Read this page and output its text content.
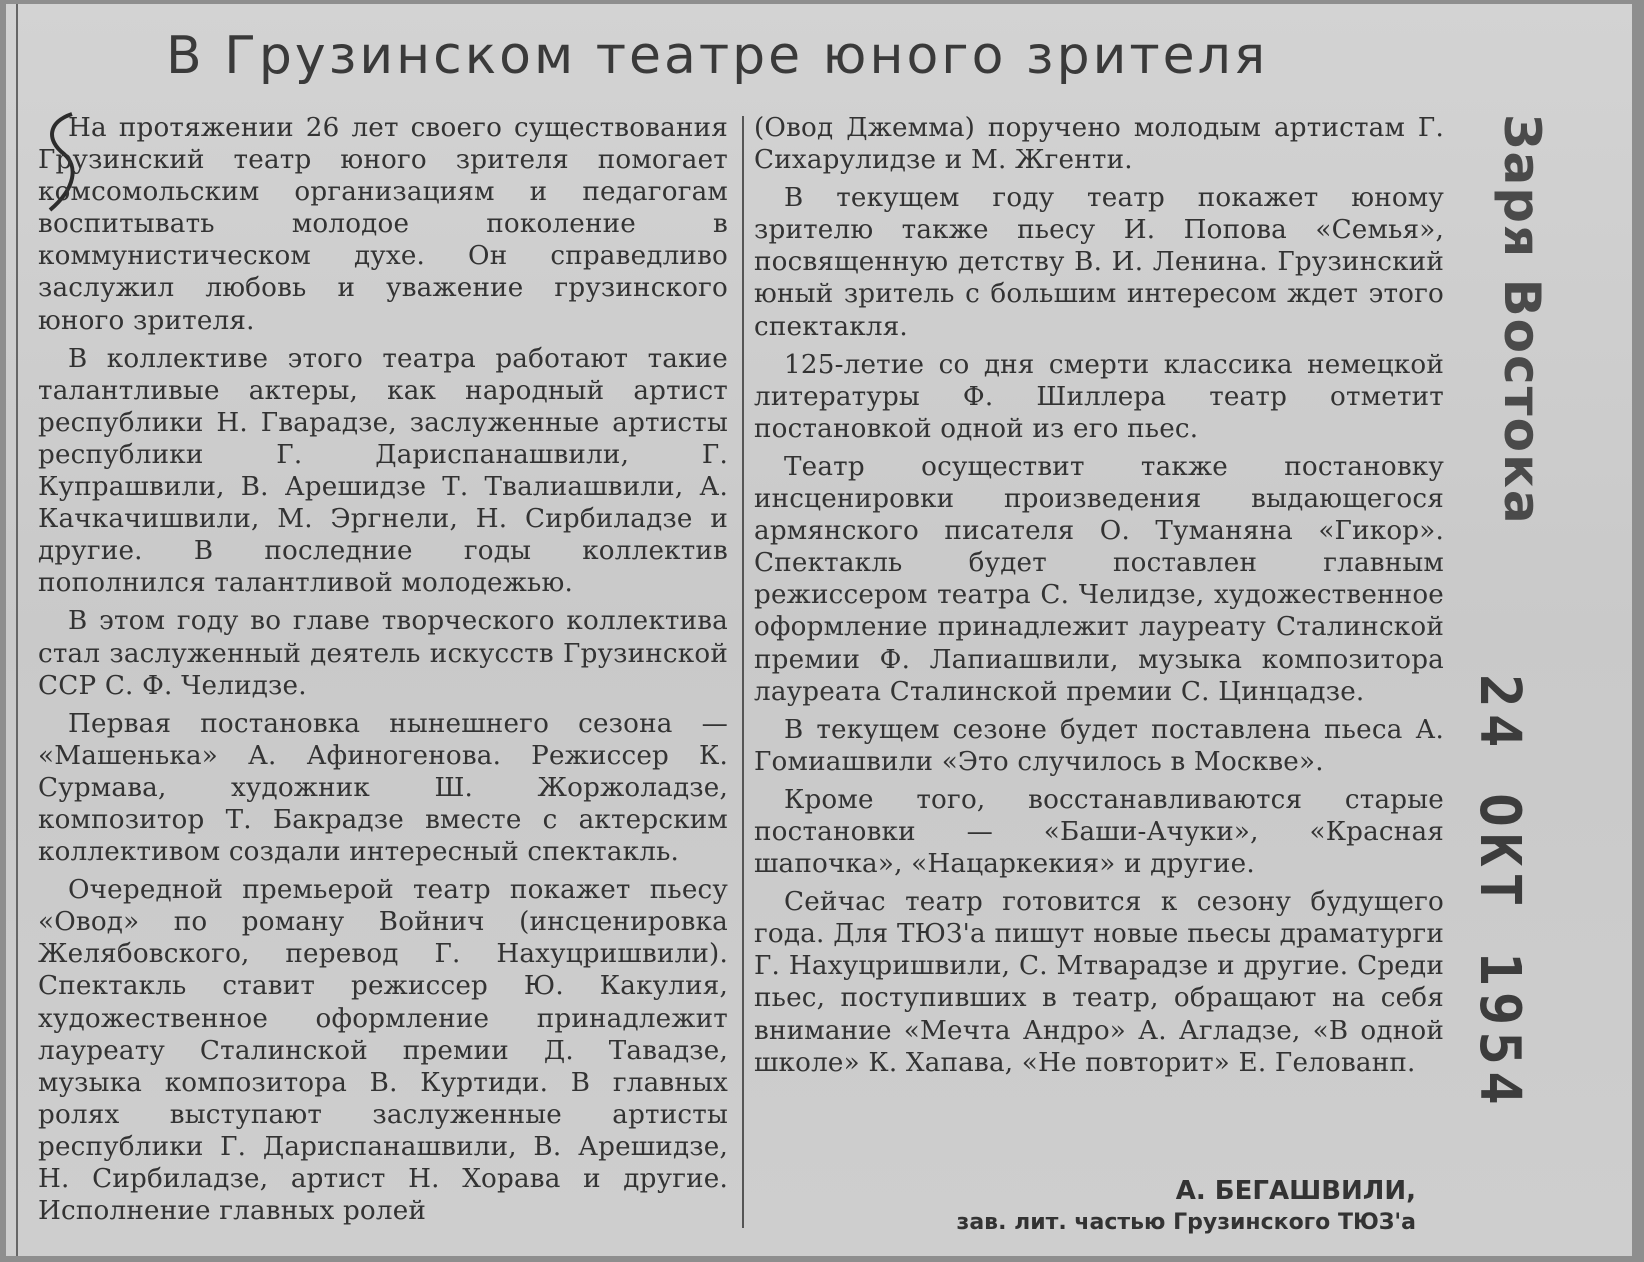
В Грузинском театре юного зрителя

На протяжении 26 лет своего существования Грузинский театр юного зрителя помогает комсомольским организациям и педагогам воспитывать молодое поколение в коммунистическом духе. Он справедливо заслужил любовь и уважение грузинского юного зрителя.

В коллективе этого театра работают такие талантливые актеры, как народный артист республики Н. Гварадзе, заслуженные артисты республики Г. Дариспанашвили, Г. Купрашвили, В. Арешидзе Т. Твалиашвили, А. Качкачишвили, М. Эргнели, Н. Сирбиладзе и другие. В последние годы коллектив пополнился талантливой молодежью.

В этом году во главе творческого коллектива стал заслуженный деятель искусств Грузинской ССР С. Ф. Челидзе.

Первая постановка нынешнего сезона — «Машенька» А. Афиногенова. Режиссер К. Сурмава, художник Ш. Жоржоладзе, композитор Т. Бакрадзе вместе с актерским коллективом создали интересный спектакль.

Очередной премьерой театр покажет пьесу «Овод» по роману Войнич (инсценировка Желябовского, перевод Г. Нахуцришвили). Спектакль ставит режиссер Ю. Какулия, художественное оформление принадлежит лауреату Сталинской премии Д. Тавадзе, музыка композитора В. Куртиди. В главных ролях выступают заслуженные артисты республики Г. Дариспанашвили, В. Арешидзе, Н. Сирбиладзе, артист Н. Хорава и другие. Исполнение главных ролей

(Овод Джемма) поручено молодым артистам Г. Сихарулидзе и М. Жгенти.

В текущем году театр покажет юному зрителю также пьесу И. Попова «Семья», посвященную детству В. И. Ленина. Грузинский юный зритель с большим интересом ждет этого спектакля.

125-летие со дня смерти классика немецкой литературы Ф. Шиллера театр отметит постановкой одной из его пьес.

Театр осуществит также постановку инсценировки произведения выдающегося армянского писателя О. Туманяна «Гикор». Спектакль будет поставлен главным режиссером театра С. Челидзе, художественное оформление принадлежит лауреату Сталинской премии Ф. Лапиашвили, музыка композитора лауреата Сталинской премии С. Цинцадзе.

В текущем сезоне будет поставлена пьеса А. Гомиашвили «Это случилось в Москве».

Кроме того, восстанавливаются старые постановки — «Баши-Ачуки», «Красная шапочка», «Нацаркекия» и другие.

Сейчас театр готовится к сезону будущего года. Для ТЮЗ'а пишут новые пьесы драматурги Г. Нахуцришвили, С. Мтварадзе и другие. Среди пьес, поступивших в театр, обращают на себя внимание «Мечта Андро» А. Агладзе, «В одной школе» К. Хапава, «Не повторит» Е. Гелованп.

А. БЕГАШВИЛИ,
зав. лит. частью Грузинского ТЮЗ'а
Заря Востока
24 ОКТ 1954
